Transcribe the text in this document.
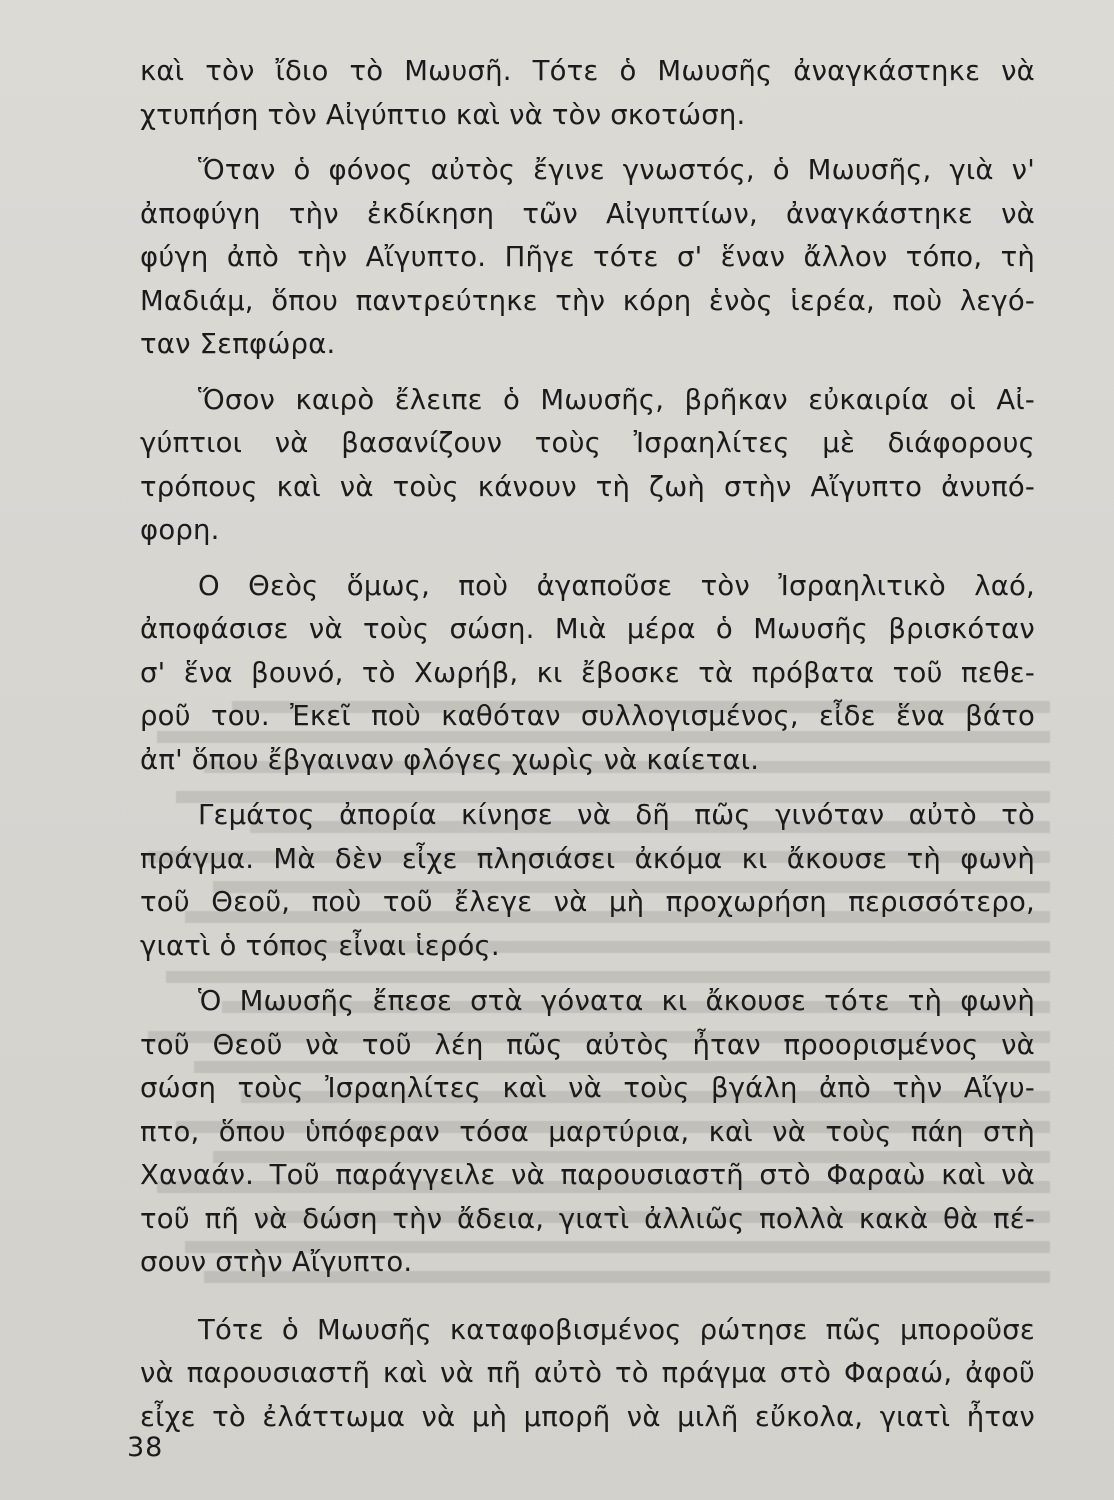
καὶ τὸν ἴδιο τὸ Μωυσῆ. Τότε ὁ Μωυσῆς ἀναγκάστηκε νὰ
χτυπήση τὸν Αἰγύπτιο καὶ νὰ τὸν σκοτώση.
Ὅταν ὁ φόνος αὐτὸς ἔγινε γνωστός, ὁ Μωυσῆς, γιὰ ν'
ἀποφύγη τὴν ἐκδίκηση τῶν Αἰγυπτίων, ἀναγκάστηκε νὰ
φύγη ἀπὸ τὴν Αἴγυπτο. Πῆγε τότε σ' ἕναν ἄλλον τόπο, τὴ
Μαδιάμ, ὅπου παντρεύτηκε τὴν κόρη ἑνὸς ἱερέα, ποὺ λεγό-
ταν Σεπφώρα.
Ὅσον καιρὸ ἔλειπε ὁ Μωυσῆς, βρῆκαν εὐκαιρία οἱ Αἰ-
γύπτιοι νὰ βασανίζουν τοὺς Ἰσραηλίτες μὲ διάφορους
τρόπους καὶ νὰ τοὺς κάνουν τὴ ζωὴ στὴν Αἴγυπτο ἀνυπό-
φορη.
Ο Θεὸς ὅμως, ποὺ ἀγαποῦσε τὸν Ἰσραηλιτικὸ λαό,
ἀποφάσισε νὰ τοὺς σώση. Μιὰ μέρα ὁ Μωυσῆς βρισκόταν
σ' ἕνα βουνό, τὸ Χωρήβ, κι ἔβοσκε τὰ πρόβατα τοῦ πεθε-
ροῦ του. Ἐκεῖ ποὺ καθόταν συλλογισμένος, εἶδε ἕνα βάτο
ἀπ' ὅπου ἔβγαιναν φλόγες χωρὶς νὰ καίεται.
Γεμάτος ἀπορία κίνησε νὰ δῆ πῶς γινόταν αὐτὸ τὸ
πράγμα. Μὰ δὲν εἶχε πλησιάσει ἀκόμα κι ἄκουσε τὴ φωνὴ
τοῦ Θεοῦ, ποὺ τοῦ ἔλεγε νὰ μὴ προχωρήση περισσότερο,
γιατὶ ὁ τόπος εἶναι ἱερός.
Ὁ Μωυσῆς ἔπεσε στὰ γόνατα κι ἄκουσε τότε τὴ φωνὴ
τοῦ Θεοῦ νὰ τοῦ λέη πῶς αὐτὸς ἦταν προορισμένος νὰ
σώση τοὺς Ἰσραηλίτες καὶ νὰ τοὺς βγάλη ἀπὸ τὴν Αἴγυ-
πτο, ὅπου ὑπόφεραν τόσα μαρτύρια, καὶ νὰ τοὺς πάη στὴ
Χαναάν. Τοῦ παράγγειλε νὰ παρουσιαστῆ στὸ Φαραὼ καὶ νὰ
τοῦ πῆ νὰ δώση τὴν ἄδεια, γιατὶ ἀλλιῶς πολλὰ κακὰ θὰ πέ-
σουν στὴν Αἴγυπτο.
Τότε ὁ Μωυσῆς καταφοβισμένος ρώτησε πῶς μποροῦσε
νὰ παρουσιαστῆ καὶ νὰ πῆ αὐτὸ τὸ πράγμα στὸ Φαραώ, ἀφοῦ
εἶχε τὸ ἐλάττωμα νὰ μὴ μπορῆ νὰ μιλῆ εὔκολα, γιατὶ ἦταν
38
